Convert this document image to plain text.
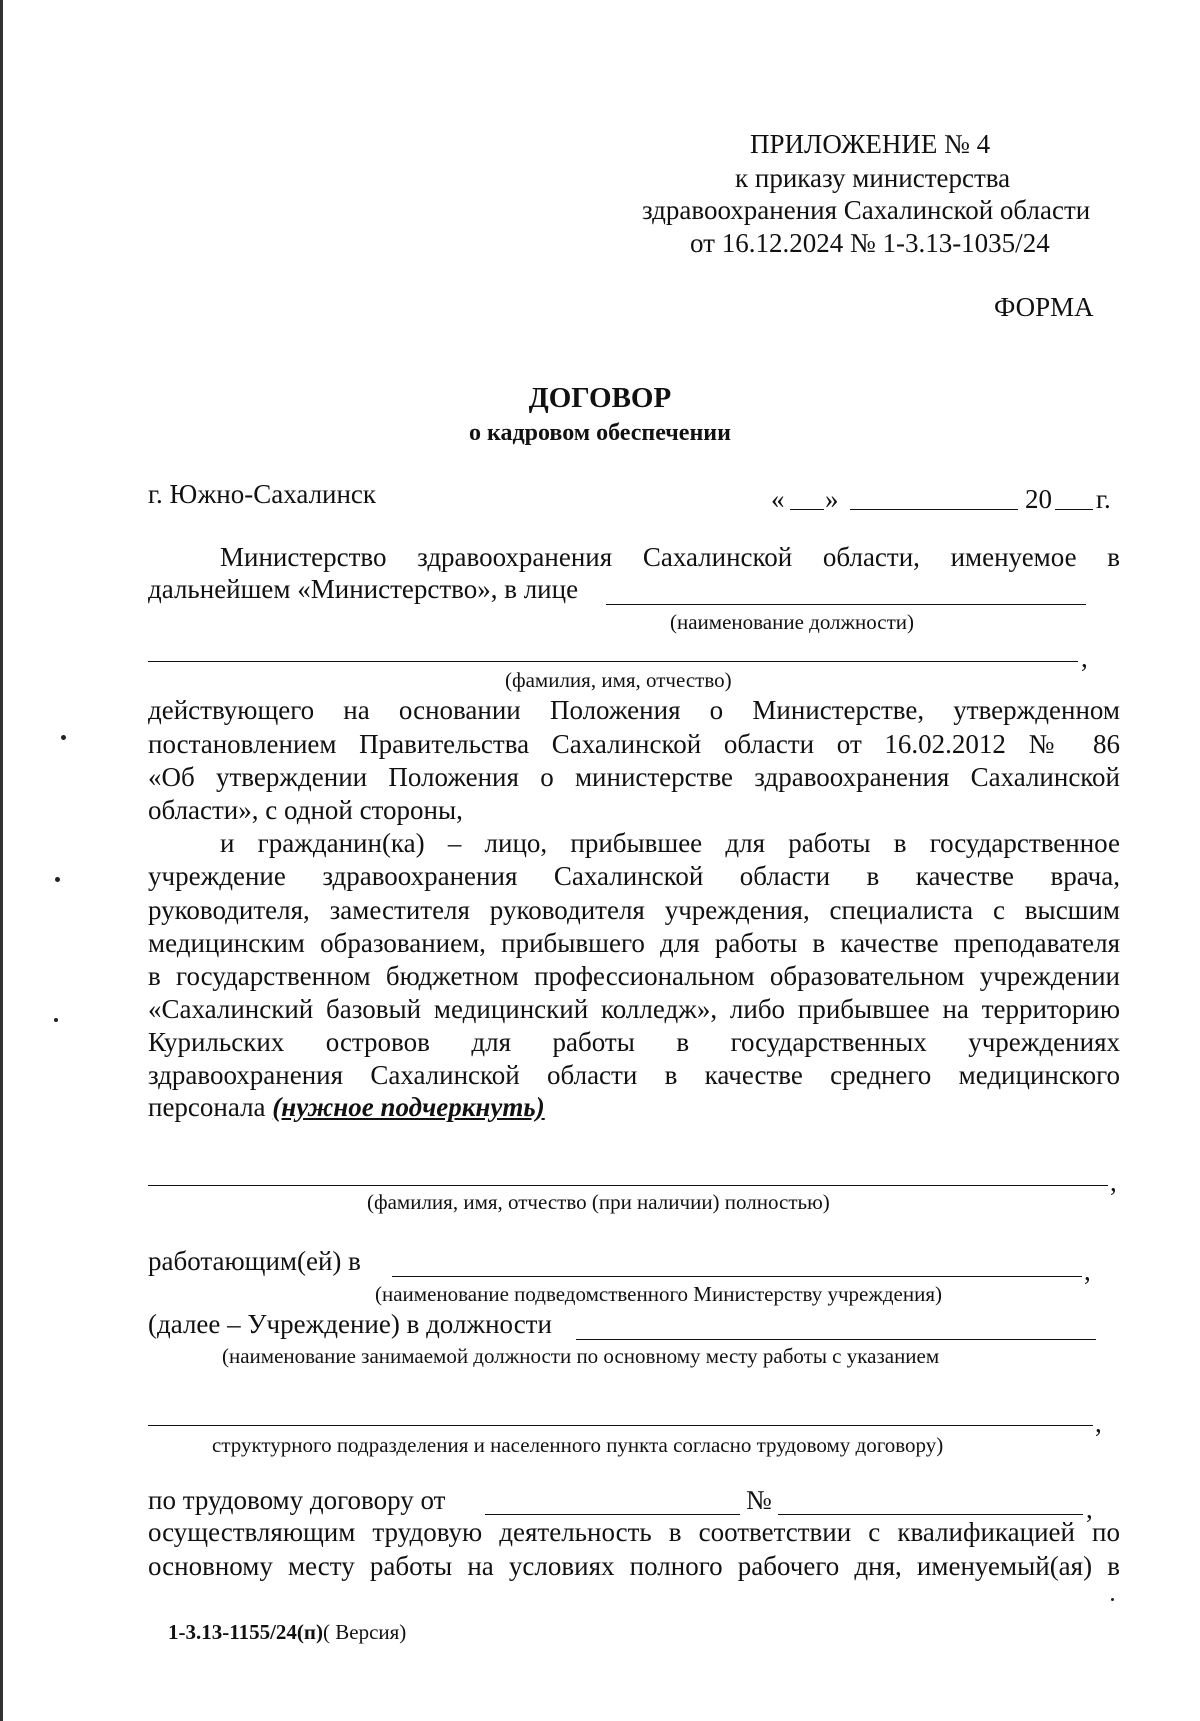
ПРИЛОЖЕНИЕ № 4
к приказу министерства
здравоохранения Сахалинской области
от 16.12.2024 № 1-3.13-1035/24
ФОРМА
ДОГОВОР
о кадровом обеспечении
г. Южно-Сахалинск	« »	20 г.
Министерство здравоохранения Сахалинской области, именуемое в
дальнейшем «Министерство», в лице
(наименование должности)
,
(фамилия, имя, отчество)
действующего на основании Положения о Министерстве, утвержденном
постановлением Правительства Сахалинской области от 16.02.2012 № 86
«Об утверждении Положения о министерстве здравоохранения Сахалинской
области», с одной стороны,
и гражданин(ка) – лицо, прибывшее для работы в государственное
учреждение здравоохранения Сахалинской области в качестве врача,
руководителя, заместителя руководителя учреждения, специалиста с высшим
медицинским образованием, прибывшего для работы в качестве преподавателя
в государственном бюджетном профессиональном образовательном учреждении
«Сахалинский базовый медицинский колледж», либо прибывшее на территорию
Курильских островов для работы в государственных учреждениях
здравоохранения Сахалинской области в качестве среднего медицинского
персонала (нужное подчеркнуть)
,
(фамилия, имя, отчество (при наличии) полностью)
работающим(ей) в	,
(наименование подведомственного Министерству учреждения)
(далее – Учреждение) в должности
(наименование занимаемой должности по основному месту работы с указанием
,
структурного подразделения и населенного пункта согласно трудовому договору)
по трудовому договору от	№	,
осуществляющим трудовую деятельность в соответствии с квалификацией по
основному месту работы на условиях полного рабочего дня, именуемый(ая) в
1-3.13-1155/24(п)( Версия)
